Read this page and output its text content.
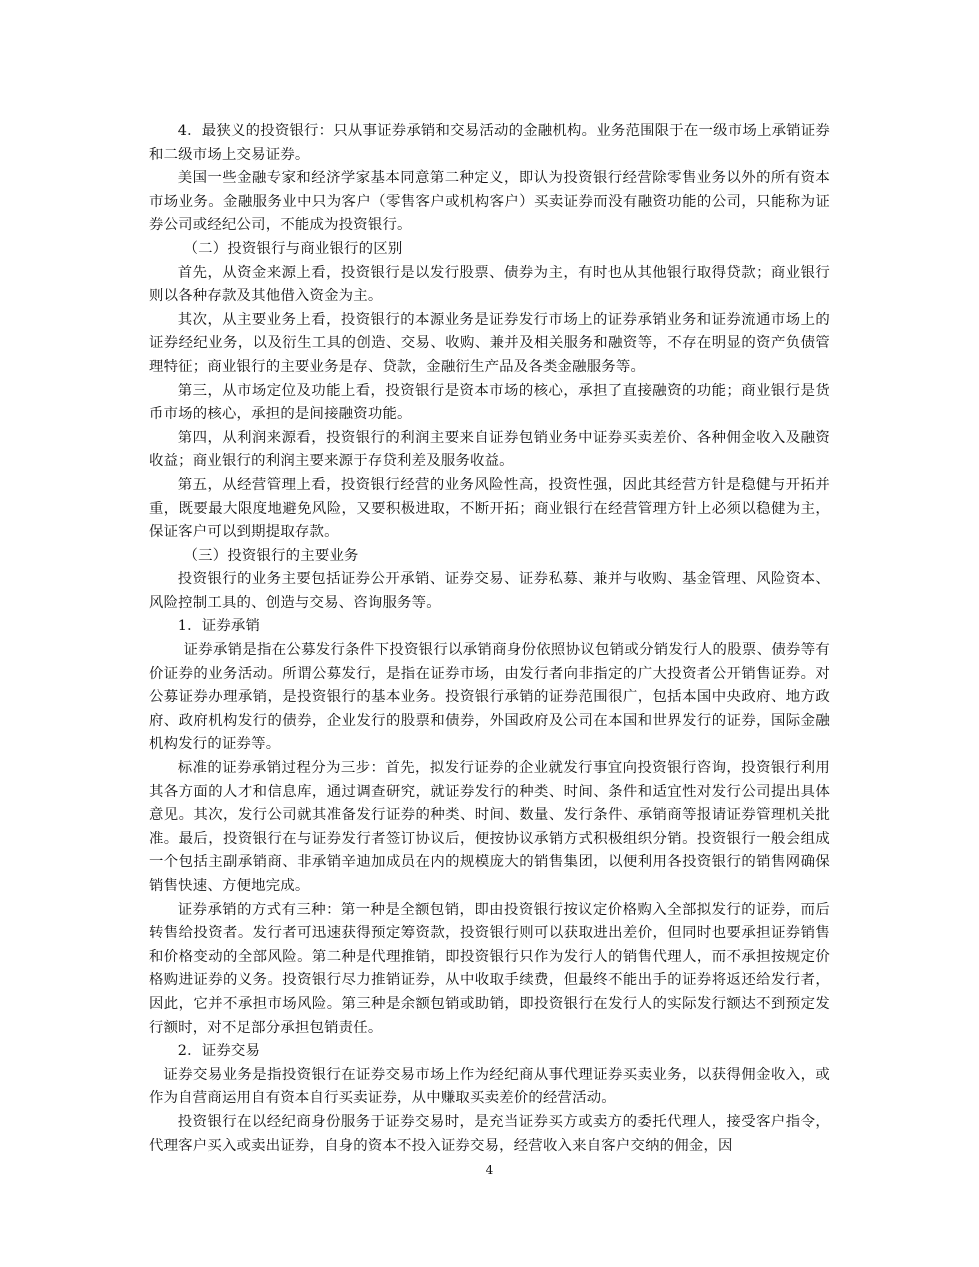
4．最狭义的投资银行：只从事证券承销和交易活动的金融机构。业务范围限于在一级市场上承销证券和二级市场上交易证券。

美国一些金融专家和经济学家基本同意第二种定义，即认为投资银行经营除零售业务以外的所有资本市场业务。金融服务业中只为客户（零售客户或机构客户）买卖证券而没有融资功能的公司，只能称为证券公司或经纪公司，不能成为投资银行。

（二）投资银行与商业银行的区别

首先，从资金来源上看，投资银行是以发行股票、债券为主，有时也从其他银行取得贷款；商业银行则以各种存款及其他借入资金为主。

其次，从主要业务上看，投资银行的本源业务是证券发行市场上的证券承销业务和证券流通市场上的证券经纪业务，以及衍生工具的创造、交易、收购、兼并及相关服务和融资等，不存在明显的资产负债管理特征；商业银行的主要业务是存、贷款，金融衍生产品及各类金融服务等。

第三，从市场定位及功能上看，投资银行是资本市场的核心，承担了直接融资的功能；商业银行是货币市场的核心，承担的是间接融资功能。

第四，从利润来源看，投资银行的利润主要来自证券包销业务中证券买卖差价、各种佣金收入及融资收益；商业银行的利润主要来源于存贷利差及服务收益。

第五，从经营管理上看，投资银行经营的业务风险性高，投资性强，因此其经营方针是稳健与开拓并重，既要最大限度地避免风险，又要积极进取，不断开拓；商业银行在经营管理方针上必须以稳健为主，保证客户可以到期提取存款。

（三）投资银行的主要业务

投资银行的业务主要包括证券公开承销、证券交易、证券私募、兼并与收购、基金管理、风险资本、风险控制工具的、创造与交易、咨询服务等。

1．证券承销

证券承销是指在公募发行条件下投资银行以承销商身份依照协议包销或分销发行人的股票、债券等有价证券的业务活动。所谓公募发行，是指在证券市场，由发行者向非指定的广大投资者公开销售证券。对公募证券办理承销，是投资银行的基本业务。投资银行承销的证券范围很广，包括本国中央政府、地方政府、政府机构发行的债券，企业发行的股票和债券，外国政府及公司在本国和世界发行的证券，国际金融机构发行的证券等。

标准的证券承销过程分为三步：首先，拟发行证券的企业就发行事宜向投资银行咨询，投资银行利用其各方面的人才和信息库，通过调查研究，就证券发行的种类、时间、条件和适宜性对发行公司提出具体意见。其次，发行公司就其准备发行证券的种类、时间、数量、发行条件、承销商等报请证券管理机关批准。最后，投资银行在与证券发行者签订协议后，便按协议承销方式积极组织分销。投资银行一般会组成一个包括主副承销商、非承销辛迪加成员在内的规模庞大的销售集团，以便利用各投资银行的销售网确保销售快速、方便地完成。

证券承销的方式有三种：第一种是全额包销，即由投资银行按议定价格购入全部拟发行的证券，而后转售给投资者。发行者可迅速获得预定筹资款，投资银行则可以获取进出差价，但同时也要承担证券销售和价格变动的全部风险。第二种是代理推销，即投资银行只作为发行人的销售代理人，而不承担按规定价格购进证券的义务。投资银行尽力推销证券，从中收取手续费，但最终不能出手的证券将返还给发行者，因此，它并不承担市场风险。第三种是余额包销或助销，即投资银行在发行人的实际发行额达不到预定发行额时，对不足部分承担包销责任。

2．证券交易

证券交易业务是指投资银行在证券交易市场上作为经纪商从事代理证券买卖业务，以获得佣金收入，或作为自营商运用自有资本自行买卖证券，从中赚取买卖差价的经营活动。

投资银行在以经纪商身份服务于证券交易时，是充当证券买方或卖方的委托代理人，接受客户指令，代理客户买入或卖出证券，自身的资本不投入证券交易，经营收入来自客户交纳的佣金，因

4
